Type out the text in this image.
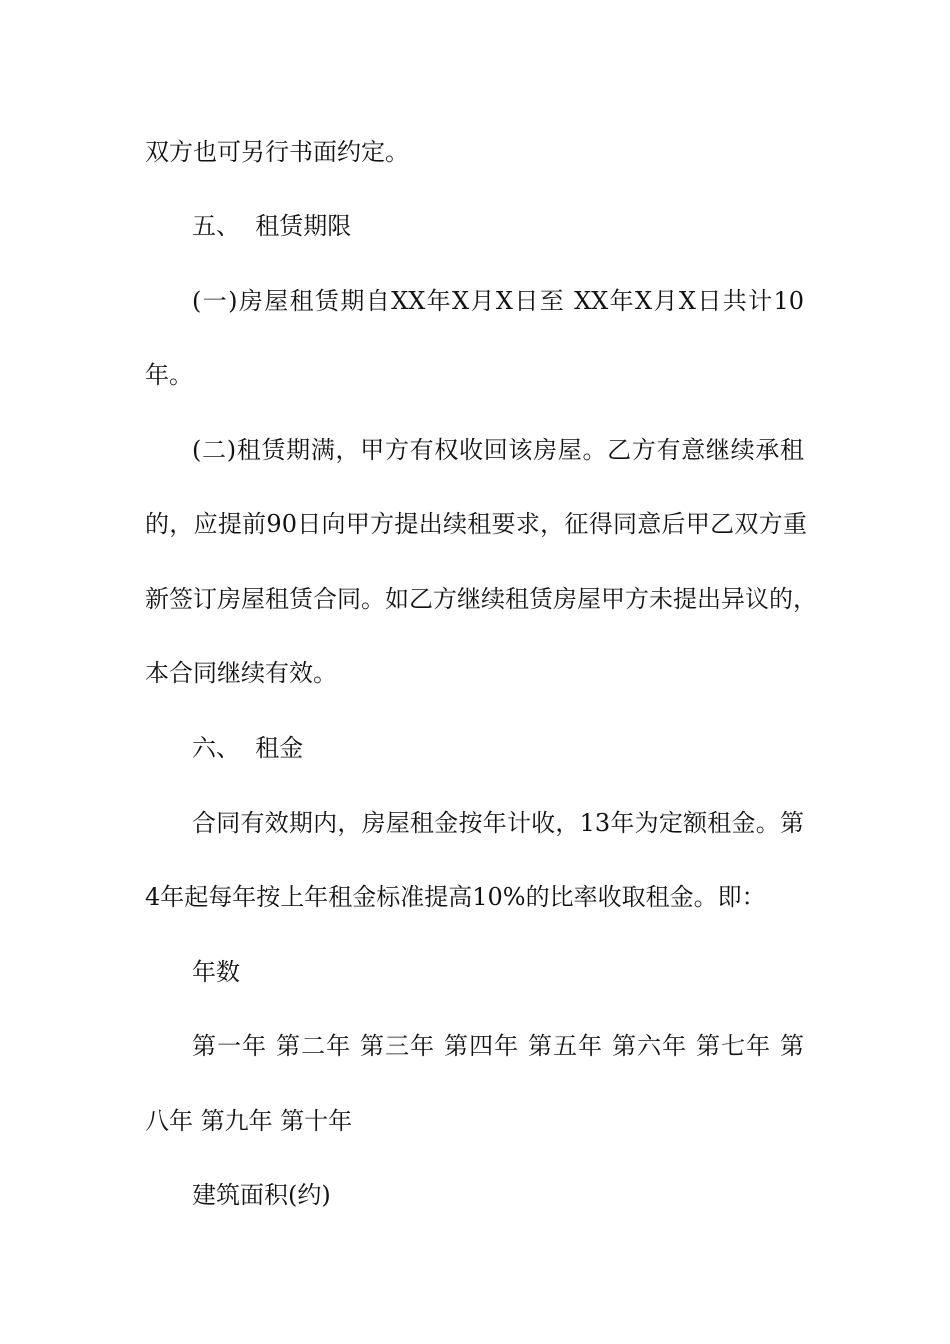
双方也可另行书面约定。

五、  租赁期限

(一)房屋租赁期自XX年X月X日至 XX年X月X日共计10

年。

(二)租赁期满，甲方有权收回该房屋。乙方有意继续承租

的，应提前90日向甲方提出续租要求，征得同意后甲乙双方重

新签订房屋租赁合同。如乙方继续租赁房屋甲方未提出异议的，

本合同继续有效。

六、  租金

合同有效期内，房屋租金按年计收，13年为定额租金。第

4年起每年按上年租金标准提高10%的比率收取租金。即：

年数

第一年 第二年 第三年 第四年 第五年 第六年 第七年 第

八年 第九年 第十年

建筑面积(约)
